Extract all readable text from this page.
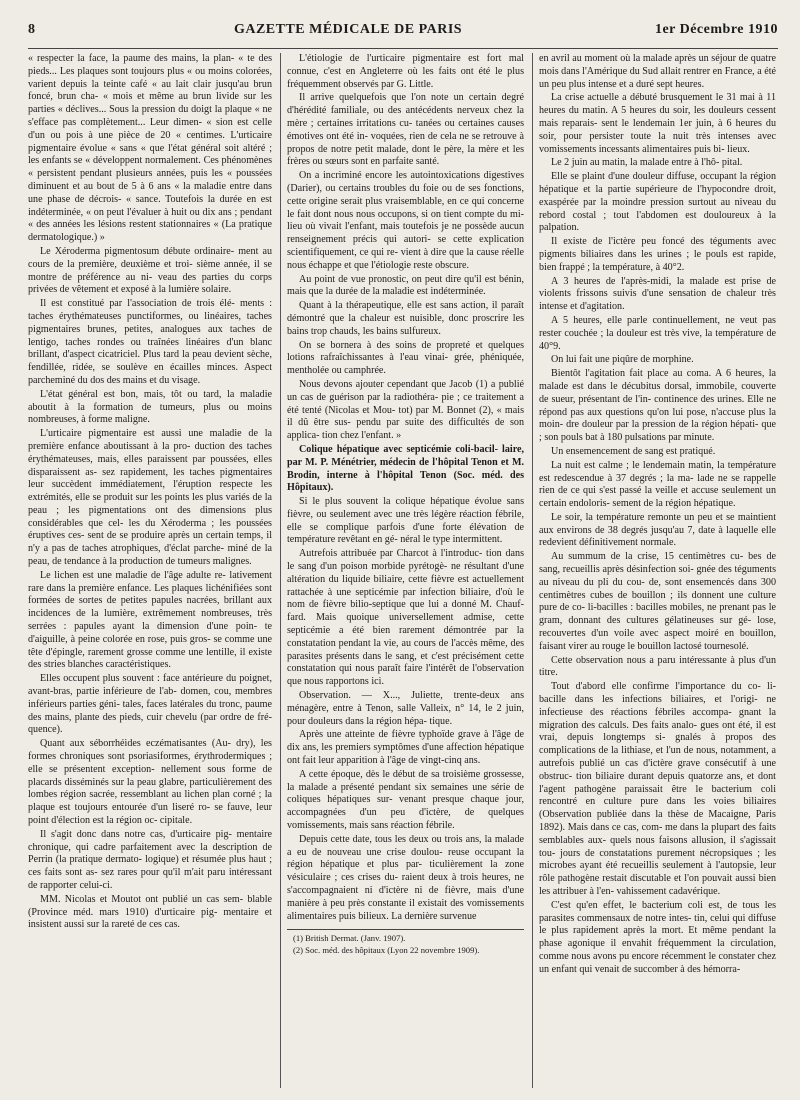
8	GAZETTE MÉDICALE DE PARIS	1er Décembre 1910

« respecter la face, la paume des mains, la plan- « te des pieds... Les plaques sont toujours plus « ou moins colorées, varient depuis la teinte café « au lait clair jusqu'au brun foncé, brun cha- « mois et même au brun livide sur les parties « déclives... Sous la pression du doigt la plaque « ne s'efface pas complètement... Leur dimen- « sion est celle d'un ou pois à une pièce de 20 « centimes. L'urticaire pigmentaire évolue « sans « que l'état général soit altéré ; les enfants se « développent normalement. Ces phénomènes « persistent pendant plusieurs années, puis les « poussées diminuent et au bout de 5 à 6 ans « la maladie entre dans une phase de décrois- « sance. Toutefois la durée en est indéterminée, « on peut l'évaluer à huit ou dix ans ; pendant « des années les lésions restent stationnaires « (La pratique dermatologique.) »

Le Xéroderma pigmentosum débute ordinaire- ment au cours de la première, deuxième et troi- sième année, il se montre de préférence au ni- veau des parties du corps privées de vêtement et exposé à la lumière solaire.

Il est constitué par l'association de trois élé- ments : taches érythémateuses punctiformes, ou linéaires, taches pigmentaires brunes, petites, analogues aux taches de lentigo, taches rondes ou traînées linéaires d'un blanc brillant, d'aspect cicatriciel. Plus tard la peau devient sèche, fendillée, ridée, se soulève en écailles minces. Aspect parcheminé du dos des mains et du visage.

L'état général est bon, mais, tôt ou tard, la maladie aboutit à la formation de tumeurs, plus ou moins nombreuses, à forme maligne.

L'urticaire pigmentaire est aussi une maladie de la première enfance aboutissant à la pro- duction des taches érythémateuses, mais, elles paraissent par poussées, elles disparaissent as- sez rapidement, les taches pigmentaires leur succèdent immédiatement, l'éruption respecte les extrémités, elle se produit sur les points les plus variés de la peau ; les pigmentations ont des dimensions plus considérables que cel- les du Xéroderma ; les poussées éruptives ces- sent de se produire après un certain temps, il n'y a pas de taches atrophiques, d'éclat parche- miné de la peau, de tendance à la production de tumeurs malignes.

Le lichen est une maladie de l'âge adulte re- lativement rare dans la première enfance. Les plaques lichénifiées sont formées de sortes de petites papules nacrées, brillant aux incidences de la lumière, extrêmement nombreuses, très serrées : papules ayant la dimension d'une poin- te d'aiguille, à peine colorée en rose, puis gros- se comme une tête d'épingle, rarement grosse comme une lentille, il existe des stries blanches caractéristiques.

Elles occupent plus souvent : face antérieure du poignet, avant-bras, partie inférieure de l'ab- domen, cou, membres inférieurs parties géni- tales, faces latérales du tronc, paume des mains, plante des pieds, cuir chevelu (par ordre de fré- quence).

Quant aux séborrhéides eczématisantes (Au- dry), les formes chroniques sont psoriasiformes, érythrodermiques ; elle se présentent exception- nellement sous forme de placards disséminés sur la peau glabre, particulièrement des lombes région sacrée, ressemblant au lichen plan corné ; la plaque est toujours entourée d'un liseré ro- se fauve, leur point d'élection est la région oc- cipitale.

Il s'agit donc dans notre cas, d'urticaire pig- mentaire chronique, qui cadre parfaitement avec la description de Perrin (la pratique dermato- logique) et résumée plus haut ; ces faits sont as- sez rares pour qu'il m'ait paru intéressant de rapporter celui-ci.

MM. Nicolas et Moutot ont publié un cas sem- blable (Province méd. mars 1910) d'urticaire pig- mentaire et insistent aussi sur la rareté de ces cas.

L'étiologie de l'urticaire pigmentaire est fort mal connue, c'est en Angleterre où les faits ont été le plus fréquemment observés par G. Little.

Il arrive quelquefois que l'on note un certain degré d'hérédité familiale, ou des antécédents nerveux chez la mère ; certaines irritations cu- tanées ou certaines causes émotives ont été in- voquées, rien de cela ne se retrouve à propos de notre petit malade, dont le père, la mère et les frères ou sœurs sont en parfaite santé.

On a incriminé encore les autointoxications digestives (Darier), ou certains troubles du foie ou de ses fonctions, cette origine serait plus vraisemblable, en ce qui concerne le fait dont nous nous occupons, si on tient compte du mi- lieu où vivait l'enfant, mais toutefois je ne possède aucun renseignement précis qui autori- se cette explication scientifiquement, ce qui re- vient à dire que la cause réelle nous échappe et que l'étiologie reste obscure.

Au point de vue pronostic, on peut dire qu'il est bénin, mais que la durée de la maladie est indéterminée.

Quant à la thérapeutique, elle est sans action, il paraît démontré que la chaleur est nuisible, donc proscrire les bains trop chauds, les bains sulfureux.

On se bornera à des soins de propreté et quelques lotions rafraîchissantes à l'eau vinai- grée, phéniquée, mentholée ou camphrée.

Nous devons ajouter cependant que Jacob (1) a publié un cas de guérison par la radiothéra- pie ; ce traitement a été tenté (Nicolas et Mou- tot) par M. Bonnet (2), « mais il dû être sus- pendu par suite des difficultés de son applica- tion chez l'enfant. »

Colique hépatique avec septicémie coli-bacil- laire, par M. P. Ménétrier, médecin de l'hôpital Tenon et M. Brodin, interne à l'hôpital Tenon (Soc. méd. des Hôpitaux).

Si le plus souvent la colique hépatique évolue sans fièvre, ou seulement avec une très légère réaction fébrile, elle se complique parfois d'une forte élévation de température revêtant en gé- néral le type intermittent.

Autrefois attribuée par Charcot à l'introduc- tion dans le sang d'un poison morbide pyrétogè- ne résultant d'une altération du liquide biliaire, cette fièvre est actuellement rattachée à une septicémie par infection biliaire, d'où le nom de fièvre bilio-septique que lui a donné M. Chauf- fard. Mais quoique universellement admise, cette septicémie a été bien rarement démontrée par la constatation pendant la vie, au cours de l'accès même, des parasites présents dans le sang, et c'est précisément cette constatation qui nous paraît faire l'intérêt de l'observation que nous rapportons ici.

Observation. — X..., Juliette, trente-deux ans ménagère, entre à Tenon, salle Valleix, n° 14, le 2 juin, pour douleurs dans la région hépa- tique.

Après une atteinte de fièvre typhoïde grave à l'âge de dix ans, les premiers symptômes d'une affection hépatique ont fait leur apparition à l'âge de vingt-cinq ans.

A cette époque, dès le début de sa troisième grossesse, la malade a présenté pendant six semaines une série de coliques hépatiques sur- venant presque chaque jour, accompagnées d'un peu d'ictère, de quelques vomissements, mais sans réaction fébrile.

Depuis cette date, tous les deux ou trois ans, la malade a eu de nouveau une crise doulou- reuse occupant la région hépatique et plus par- ticulièrement la zone vésiculaire ; ces crises du- raient deux à trois heures, ne s'accompagnaient ni d'ictère ni de fièvre, mais d'une manière à peu près constante il existait des vomissements alimentaires puis bilieux. La dernière survenue

(1) British Dermat. (Janv. 1907).

(2) Soc. méd. des hôpitaux (Lyon 22 novembre 1909).

en avril au moment où la malade après un séjour de quatre mois dans l'Amérique du Sud allait rentrer en France, a été un peu plus intense et a duré sept heures.

La crise actuelle a débuté brusquement le 31 mai à 11 heures du matin. A 5 heures du soir, les douleurs cessent mais reparais- sent le lendemain 1er juin, à 6 heures du soir, pour persister toute la nuit très intenses avec vomissements incessants alimentaires puis bi- lieux.

Le 2 juin au matin, la malade entre à l'hô- pital.

Elle se plaint d'une douleur diffuse, occupant la région hépatique et la partie supérieure de l'hypocondre droit, exaspérée par la moindre pression surtout au niveau du rebord costal ; tout l'abdomen est douloureux à la palpation.

Il existe de l'ictère peu foncé des téguments avec pigments biliaires dans les urines ; le pouls est rapide, bien frappé ; la température, à 40°2.

A 3 heures de l'après-midi, la malade est prise de violents frissons suivis d'une sensation de chaleur très intense et d'agitation.

A 5 heures, elle parle continuellement, ne veut pas rester couchée ; la douleur est très vive, la température de 40°9.

On lui fait une piqûre de morphine.

Bientôt l'agitation fait place au coma. A 6 heures, la malade est dans le décubitus dorsal, immobile, couverte de sueur, présentant de l'in- continence des urines. Elle ne répond pas aux questions qu'on lui pose, n'accuse plus la moin- dre douleur par la pression de la région hépati- que ; son pouls bat à 180 pulsations par minute.

Un ensemencement de sang est pratiqué.

La nuit est calme ; le lendemain matin, la température est redescendue à 37 degrés ; la ma- lade ne se rappelle rien de ce qui s'est passé la veille et accuse seulement un certain endoloris- sement de la région hépatique.

Le soir, la température remonte un peu et se maintient aux environs de 38 degrés jusqu'au 7, date à laquelle elle redevient définitivement normale.

Au summum de la crise, 15 centimètres cu- bes de sang, recueillis après désinfection soi- gnée des téguments au niveau du pli du cou- de, sont ensemencés dans 300 centimètres cubes de bouillon ; ils donnent une culture pure de co- li-bacilles : bacilles mobiles, ne prenant pas le gram, donnant des cultures gélatineuses sur gé- lose, recouvertes d'un voile avec aspect moiré en bouillon, faisant virer au rouge le bouillon lactosé tournesolé.

Cette observation nous a paru intéressante à plus d'un titre.

Tout d'abord elle confirme l'importance du co- li-bacille dans les infections biliaires, et l'origi- ne infectieuse des réactions fébriles accompa- gnant la migration des calculs. Des faits analo- gues ont été, il est vrai, depuis longtemps si- gnalés à propos des complications de la lithiase, et l'un de nous, notamment, a autrefois publié un cas d'ictère grave consécutif à une obstruc- tion biliaire durant depuis quatorze ans, et dont l'agent pathogène paraissait être le bacterium coli rencontré en culture pure dans les voies biliaires (Observation publiée dans la thèse de Macaigne, Paris 1892). Mais dans ce cas, com- me dans la plupart des faits semblables aux- quels nous faisons allusion, il s'agissait tou- jours de constatations purement nécropsiques ; les microbes ayant été recueillis seulement à l'autopsie, leur rôle pathogène restait discutable et l'on pouvait aussi bien les attribuer à l'en- vahissement cadavérique.

C'est qu'en effet, le bacterium coli est, de tous les parasites commensaux de notre intes- tin, celui qui diffuse le plus rapidement après la mort. Et même pendant la phase agonique il envahit fréquemment la circulation, comme nous avons pu encore récemment le constater chez un enfant qui venait de succomber à des hémorra-
